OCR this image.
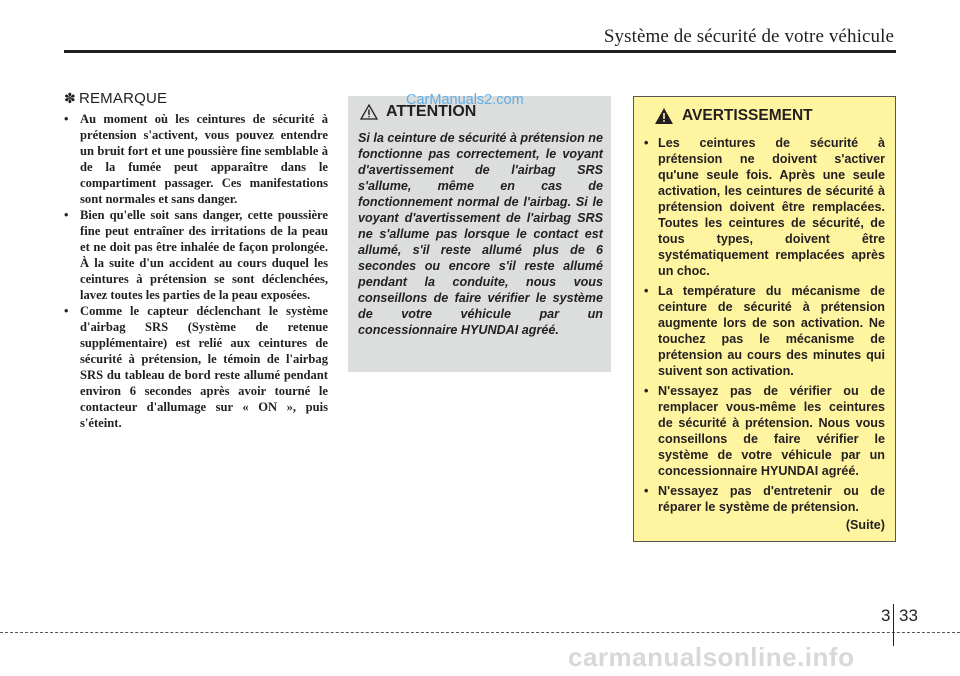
Système de sécurité de votre véhicule
✽ REMARQUE
• Au moment où les ceintures de sécurité à prétension s'activent, vous pouvez entendre un bruit fort et une poussière fine semblable à de la fumée peut apparaître dans le compartiment passager. Ces manifestations sont normales et sans danger.
• Bien qu'elle soit sans danger, cette poussière fine peut entraîner des irritations de la peau et ne doit pas être inhalée de façon prolongée. À la suite d'un accident au cours duquel les ceintures à prétension se sont déclenchées, lavez toutes les parties de la peau exposées.
• Comme le capteur déclenchant le système d'airbag SRS (Système de retenue supplémentaire) est relié aux ceintures de sécurité à prétension, le témoin de l'airbag SRS du tableau de bord reste allumé pendant environ 6 secondes après avoir tourné le contacteur d'allumage sur « ON », puis s'éteint.
ATTENTION

Si la ceinture de sécurité à prétension ne fonctionne pas correctement, le voyant d'avertissement de l'airbag SRS s'allume, même en cas de fonctionnement normal de l'airbag. Si le voyant d'avertissement de l'airbag SRS ne s'allume pas lorsque le contact est allumé, s'il reste allumé plus de 6 secondes ou encore s'il reste allumé pendant la conduite, nous vous conseillons de faire vérifier le système de votre véhicule par un concessionnaire HYUNDAI agréé.

CarManuals2.com
AVERTISSEMENT
• Les ceintures de sécurité à prétension ne doivent s'activer qu'une seule fois. Après une seule activation, les ceintures de sécurité à prétension doivent être remplacées. Toutes les ceintures de sécurité, de tous types, doivent être systématiquement remplacées après un choc.
• La température du mécanisme de ceinture de sécurité à prétension augmente lors de son activation. Ne touchez pas le mécanisme de prétension au cours des minutes qui suivent son activation.
• N'essayez pas de vérifier ou de remplacer vous-même les ceintures de sécurité à prétension. Nous vous conseillons de faire vérifier le système de votre véhicule par un concessionnaire HYUNDAI agréé.
• N'essayez pas d'entretenir ou de réparer le système de prétension.
(Suite)
3 33
carmanualsonline.info
